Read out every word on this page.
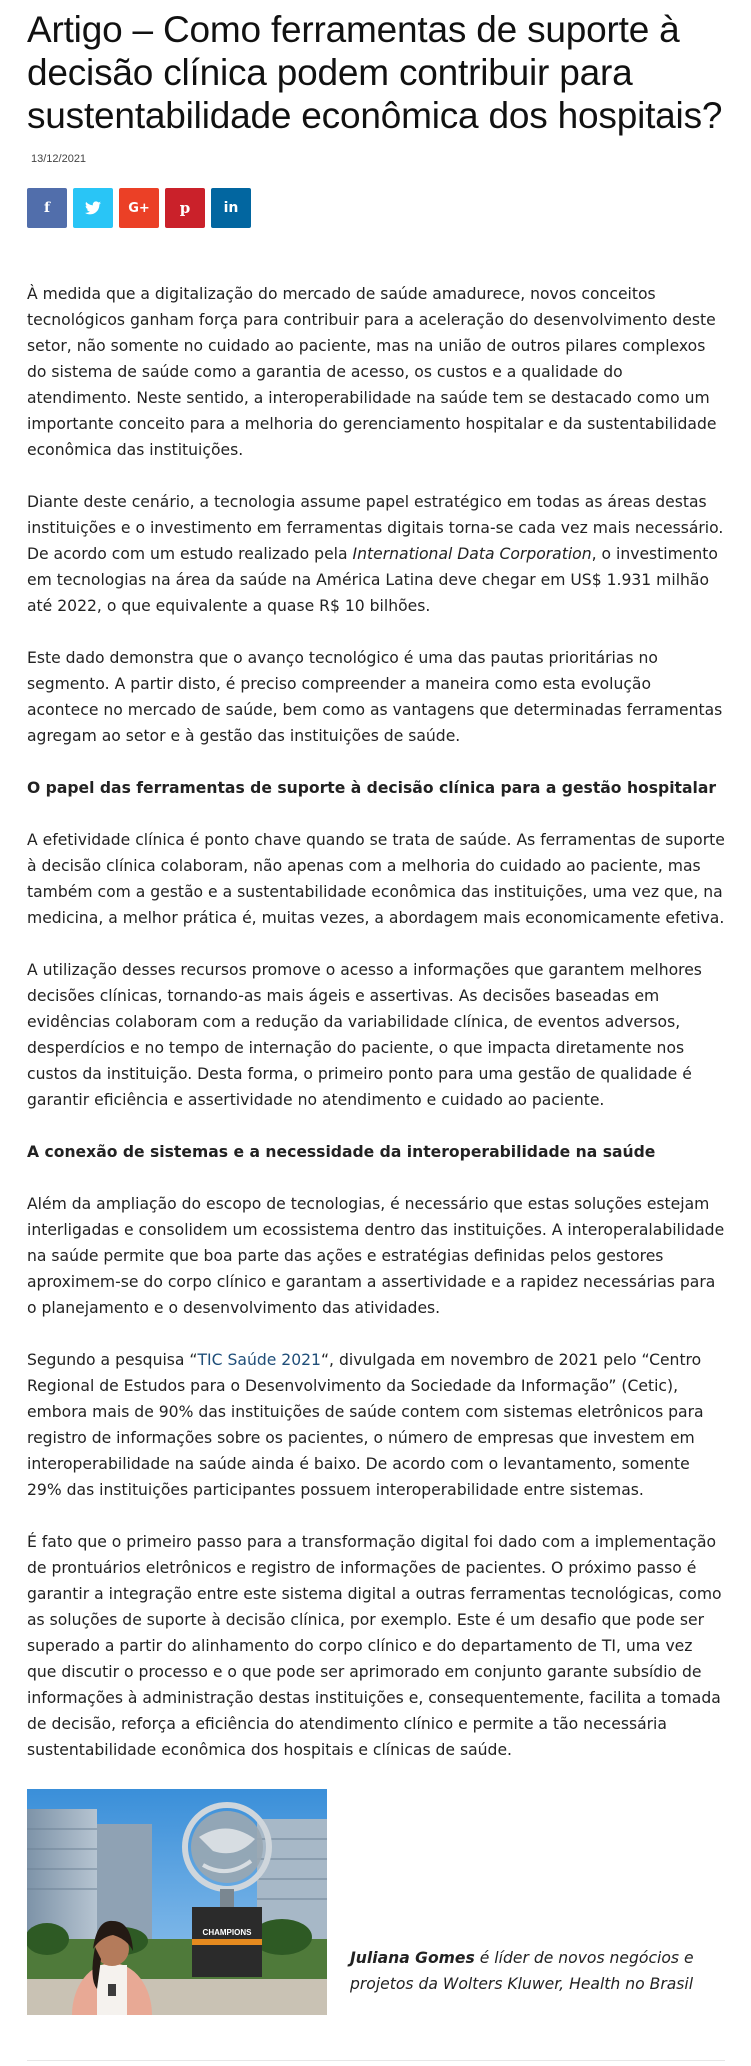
Artigo – Como ferramentas de suporte à decisão clínica podem contribuir para sustentabilidade econômica dos hospitais?
13/12/2021
f	G+ p in

À medida que a digitalização do mercado de saúde amadurece, novos conceitos tecnológicos ganham força para contribuir para a aceleração do desenvolvimento deste setor, não somente no cuidado ao paciente, mas na união de outros pilares complexos do sistema de saúde como a garantia de acesso, os custos e a qualidade do atendimento. Neste sentido, a interoperabilidade na saúde tem se destacado como um importante conceito para a melhoria do gerenciamento hospitalar e da sustentabilidade econômica das instituições.

Diante deste cenário, a tecnologia assume papel estratégico em todas as áreas destas instituições e o investimento em ferramentas digitais torna-se cada vez mais necessário. De acordo com um estudo realizado pela International Data Corporation, o investimento em tecnologias na área da saúde na América Latina deve chegar em US$ 1.931 milhão até 2022, o que equivalente a quase R$ 10 bilhões.

Este dado demonstra que o avanço tecnológico é uma das pautas prioritárias no segmento. A partir disto, é preciso compreender a maneira como esta evolução acontece no mercado de saúde, bem como as vantagens que determinadas ferramentas agregam ao setor e à gestão das instituições de saúde.

O papel das ferramentas de suporte à decisão clínica para a gestão hospitalar

A efetividade clínica é ponto chave quando se trata de saúde. As ferramentas de suporte à decisão clínica colaboram, não apenas com a melhoria do cuidado ao paciente, mas também com a gestão e a sustentabilidade econômica das instituições, uma vez que, na medicina, a melhor prática é, muitas vezes, a abordagem mais economicamente efetiva.

A utilização desses recursos promove o acesso a informações que garantem melhores decisões clínicas, tornando-as mais ágeis e assertivas. As decisões baseadas em evidências colaboram com a redução da variabilidade clínica, de eventos adversos, desperdícios e no tempo de internação do paciente, o que impacta diretamente nos custos da instituição. Desta forma, o primeiro ponto para uma gestão de qualidade é garantir eficiência e assertividade no atendimento e cuidado ao paciente.

A conexão de sistemas e a necessidade da interoperabilidade na saúde

Além da ampliação do escopo de tecnologias, é necessário que estas soluções estejam interligadas e consolidem um ecossistema dentro das instituições. A interoperalabilidade na saúde permite que boa parte das ações e estratégias definidas pelos gestores aproximem-se do corpo clínico e garantam a assertividade e a rapidez necessárias para o planejamento e o desenvolvimento das atividades.

Segundo a pesquisa “TIC Saúde 2021“, divulgada em novembro de 2021 pelo “Centro Regional de Estudos para o Desenvolvimento da Sociedade da Informação” (Cetic), embora mais de 90% das instituições de saúde contem com sistemas eletrônicos para registro de informações sobre os pacientes, o número de empresas que investem em interoperabilidade na saúde ainda é baixo. De acordo com o levantamento, somente 29% das instituições participantes possuem interoperabilidade entre sistemas.

É fato que o primeiro passo para a transformação digital foi dado com a implementação de prontuários eletrônicos e registro de informações de pacientes. O próximo passo é garantir a integração entre este sistema digital a outras ferramentas tecnológicas, como as soluções de suporte à decisão clínica, por exemplo. Este é um desafio que pode ser superado a partir do alinhamento do corpo clínico e do departamento de TI, uma vez que discutir o processo e o que pode ser aprimorado em conjunto garante subsídio de informações à administração destas instituições e, consequentemente, facilita a tomada de decisão, reforça a eficiência do atendimento clínico e permite a tão necessária sustentabilidade econômica dos hospitais e clínicas de saúde.

CHAMPIONS
Juliana Gomes é líder de novos negócios e projetos da Wolters Kluwer, Health no Brasil
